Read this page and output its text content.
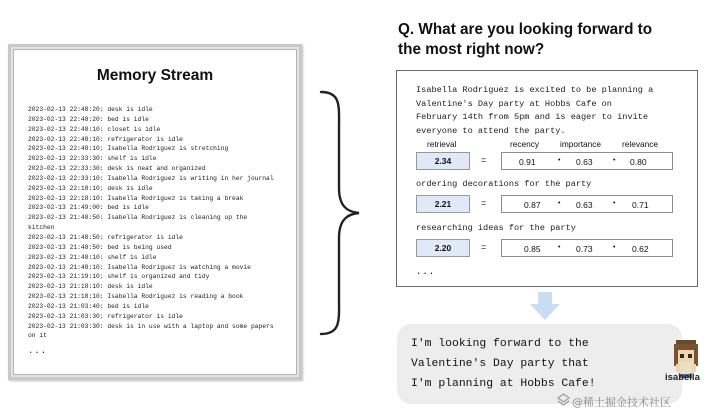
Memory Stream
2023-02-13 22:48:20: desk is idle
2023-02-13 22:48:20: bed is idle
2023-02-13 22:48:10: closet is idle
2023-02-13 22:48:10: refrigerator is idle
2023-02-13 22:48:10: Isabella Rodriguez is stretching
2023-02-13 22:33:30: shelf is idle
2023-02-13 22:33:30: desk is neat and organized
2023-02-13 22:33:10: Isabella Rodriguez is writing in her journal
2023-02-13 22:18:10: desk is idle
2023-02-13 22:18:10: Isabella Rodriguez is taking a break
2023-02-13 21:49:00: bed is idle
2023-02-13 21:48:50: Isabella Rodriguez is cleaning up the
kitchen
2023-02-13 21:48:50: refrigerator is idle
2023-02-13 21:48:50: bed is being used
2023-02-13 21:48:10: shelf is idle
2023-02-13 21:48:10: Isabella Rodriguez is watching a movie
2023-02-13 21:19:10: shelf is organized and tidy
2023-02-13 21:18:10: desk is idle
2023-02-13 21:18:10: Isabella Rodriguez is reading a book
2023-02-13 21:03:40: bed is idle
2023-02-13 21:03:30: refrigerator is idle
2023-02-13 21:03:30: desk is in use with a laptop and some papers
on it
...
Q. What are you looking forward to
the most right now?
Isabella Rodriguez is excited to be planning a
Valentine's Day party at Hobbs Cafe on
February 14th from 5pm and is eager to invite
everyone to attend the party.
retrieval	recency	importance	relevance
2.34	=	0.91	• 0.63	• 0.80
ordering decorations for the party
2.21	=	0.87 • 0.63	• 0.71
researching ideas for the party
2.20	=	0.85 • 0.73	• 0.62
...
I'm looking forward to the
Valentine's Day party that
I'm planning at Hobbs Cafe!
isabella
@稀土掘金技术社区
